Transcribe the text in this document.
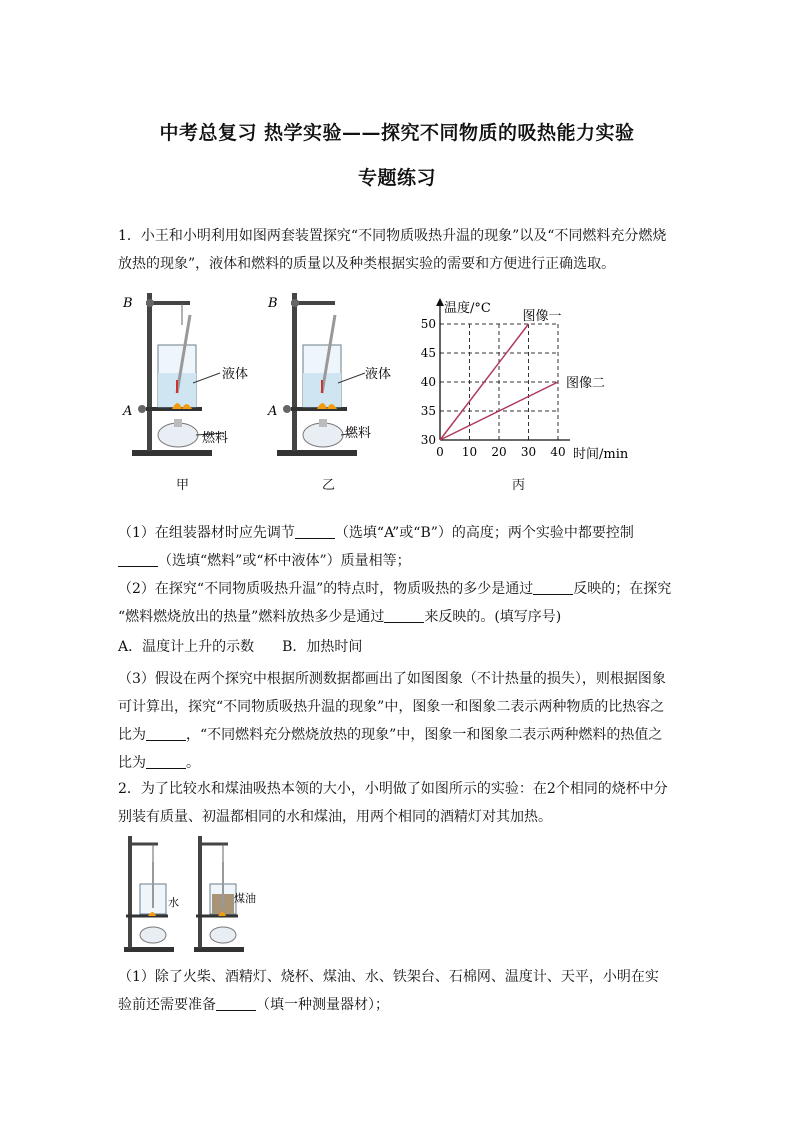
中考总复习 热学实验——探究不同物质的吸热能力实验
专题练习
1．小王和小明利用如图两套装置探究“不同物质吸热升温的现象”以及“不同燃料充分燃烧放热的现象”，液体和燃料的质量以及种类根据实验的需要和方便进行正确选取。
B
A
液体
燃料
甲
B
A
液体
燃料
乙
温度/°C
时间/min
0 10 20 30 40
30
35
40
45
50	图像一
图像二
丙
（1）在组装器材时应先调节	（选填“A”或“B”）的高度；两个实验中都要控制
（选填“燃料”或“杯中液体”）质量相等；
（2）在探究“不同物质吸热升温”的特点时，物质吸热的多少是通过	反映的；在探究
“燃料燃烧放出的热量”燃料放热多少是通过	来反映的。(填写序号)
A．温度计上升的示数 B．加热时间
（3）假设在两个探究中根据所测数据都画出了如图图象（不计热量的损失），则根据图象
可计算出，探究“不同物质吸热升温的现象”中，图象一和图象二表示两种物质的比热容之
比为	，“不同燃料充分燃烧放热的现象”中，图象一和图象二表示两种燃料的热值之
比为	。
2．为了比较水和煤油吸热本领的大小，小明做了如图所示的实验：在2个相同的烧杯中分别装有质量、初温都相同的水和煤油，用两个相同的酒精灯对其加热。
水	煤油
（1）除了火柴、酒精灯、烧杯、煤油、水、铁架台、石棉网、温度计、天平，小明在实
验前还需要准备	（填一种测量器材）；
